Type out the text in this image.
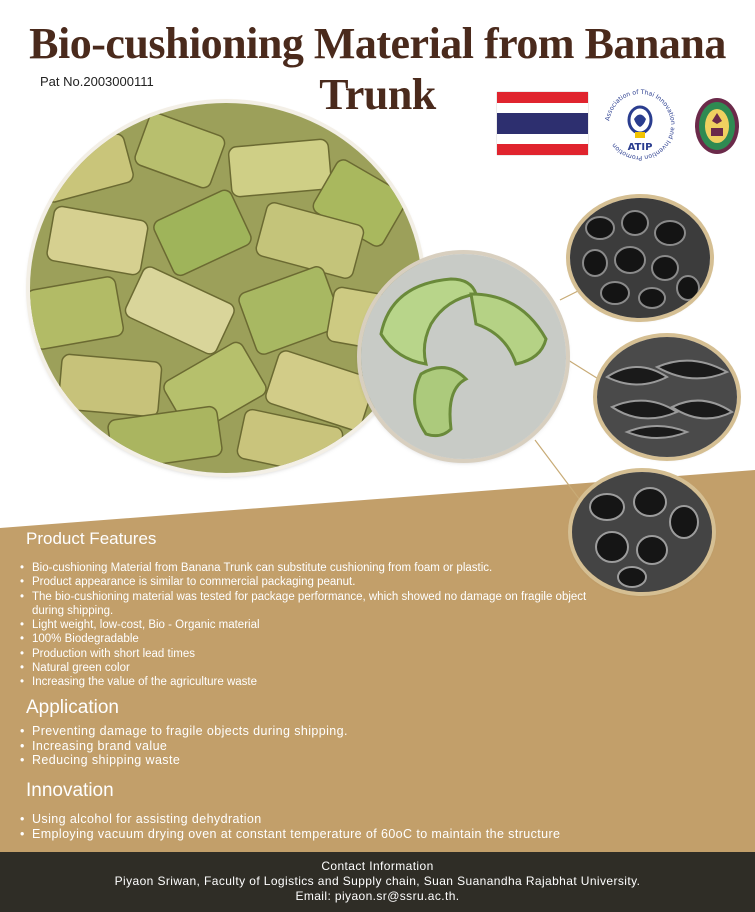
Bio-cushioning Material from Banana Trunk
Pat No.2003000111
Association of Thai Innovation and Invention Promotion ATIP
Product Features
• Bio-cushioning Material from Banana Trunk can substitute cushioning from foam or plastic.
• Product appearance is similar to commercial packaging peanut.
• The bio-cushioning material was tested for package performance, which showed no damage on fragile object during shipping.
• Light weight, low-cost, Bio - Organic material
• 100% Biodegradable
• Production with short lead times
• Natural green color
• Increasing the value of the agriculture waste
Application
• Preventing damage to fragile objects during shipping.
• Increasing brand value
• Reducing shipping waste
Innovation
• Using alcohol for assisting dehydration
• Employing vacuum drying oven at constant temperature of 60oC to maintain the structure
Contact Information
Piyaon Sriwan, Faculty of Logistics and Supply chain, Suan Suanandha Rajabhat University.
Email: piyaon.sr@ssru.ac.th.
